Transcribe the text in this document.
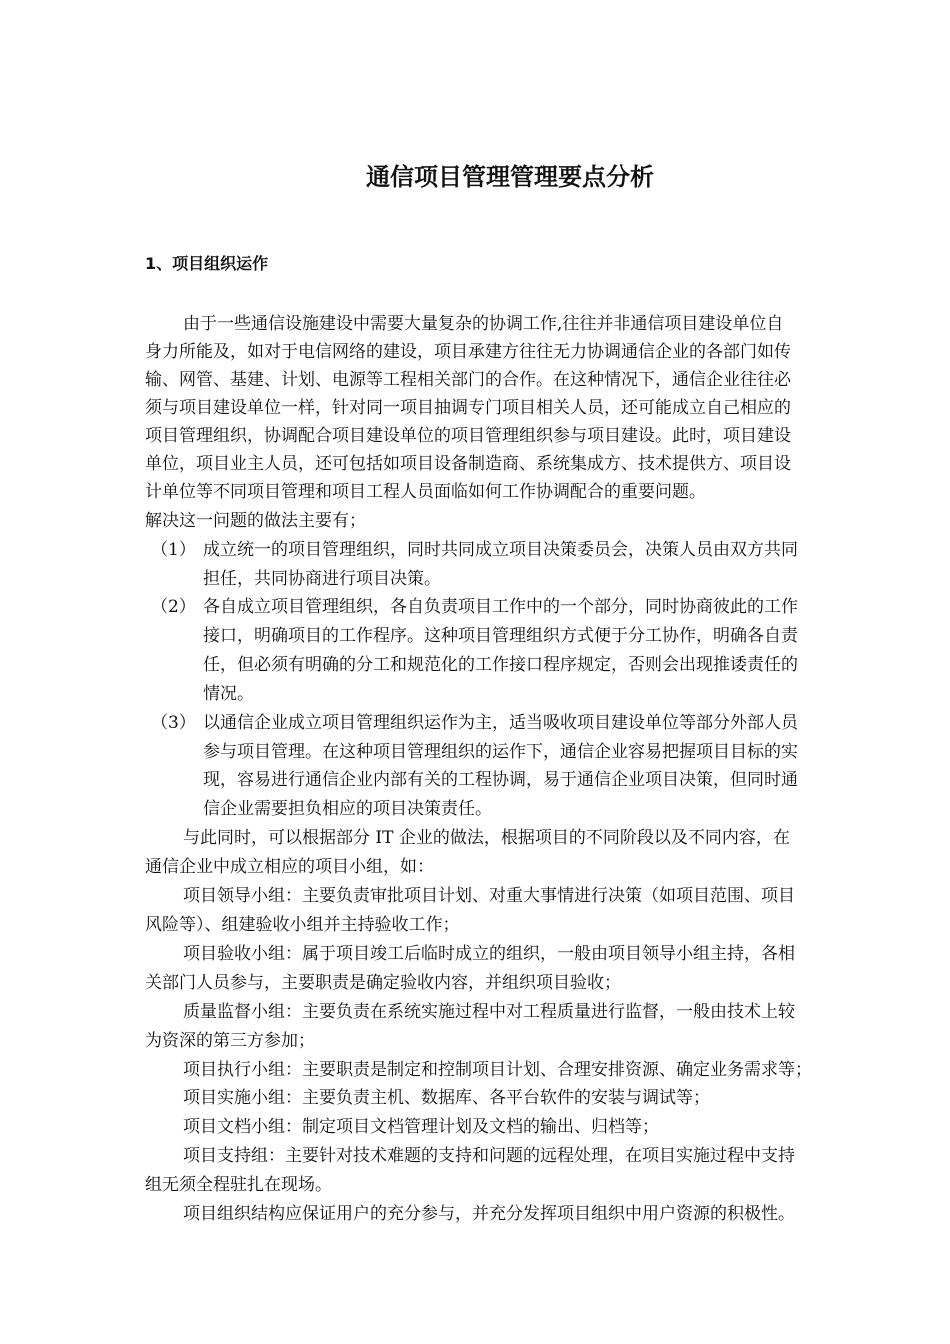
通信项目管理管理要点分析
1、项目组织运作
由于一些通信设施建设中需要大量复杂的协调工作,往往并非通信项目建设单位自
身力所能及，如对于电信网络的建设，项目承建方往往无力协调通信企业的各部门如传
输、网管、基建、计划、电源等工程相关部门的合作。在这种情况下，通信企业往往必
须与项目建设单位一样，针对同一项目抽调专门项目相关人员，还可能成立自己相应的
项目管理组织，协调配合项目建设单位的项目管理组织参与项目建设。此时，项目建设
单位，项目业主人员，还可包括如项目设备制造商、系统集成方、技术提供方、项目设
计单位等不同项目管理和项目工程人员面临如何工作协调配合的重要问题。
解决这一问题的做法主要有；
（1） 成立统一的项目管理组织，同时共同成立项目决策委员会，决策人员由双方共同
担任，共同协商进行项目决策。
（2） 各自成立项目管理组织，各自负责项目工作中的一个部分，同时协商彼此的工作
接口，明确项目的工作程序。这种项目管理组织方式便于分工协作，明确各自责
任，但必须有明确的分工和规范化的工作接口程序规定，否则会出现推诿责任的
情况。
（3） 以通信企业成立项目管理组织运作为主，适当吸收项目建设单位等部分外部人员
参与项目管理。在这种项目管理组织的运作下，通信企业容易把握项目目标的实
现，容易进行通信企业内部有关的工程协调，易于通信企业项目决策，但同时通
信企业需要担负相应的项目决策责任。
与此同时，可以根据部分 IT 企业的做法，根据项目的不同阶段以及不同内容，在
通信企业中成立相应的项目小组，如：
项目领导小组：主要负责审批项目计划、对重大事情进行决策（如项目范围、项目
风险等）、组建验收小组并主持验收工作；
项目验收小组：属于项目竣工后临时成立的组织，一般由项目领导小组主持，各相
关部门人员参与，主要职责是确定验收内容，并组织项目验收；
质量监督小组：主要负责在系统实施过程中对工程质量进行监督，一般由技术上较
为资深的第三方参加；
项目执行小组：主要职责是制定和控制项目计划、合理安排资源、确定业务需求等；
项目实施小组：主要负责主机、数据库、各平台软件的安装与调试等；
项目文档小组：制定项目文档管理计划及文档的输出、归档等；
项目支持组：主要针对技术难题的支持和问题的远程处理，在项目实施过程中支持
组无须全程驻扎在现场。
项目组织结构应保证用户的充分参与，并充分发挥项目组织中用户资源的积极性。
